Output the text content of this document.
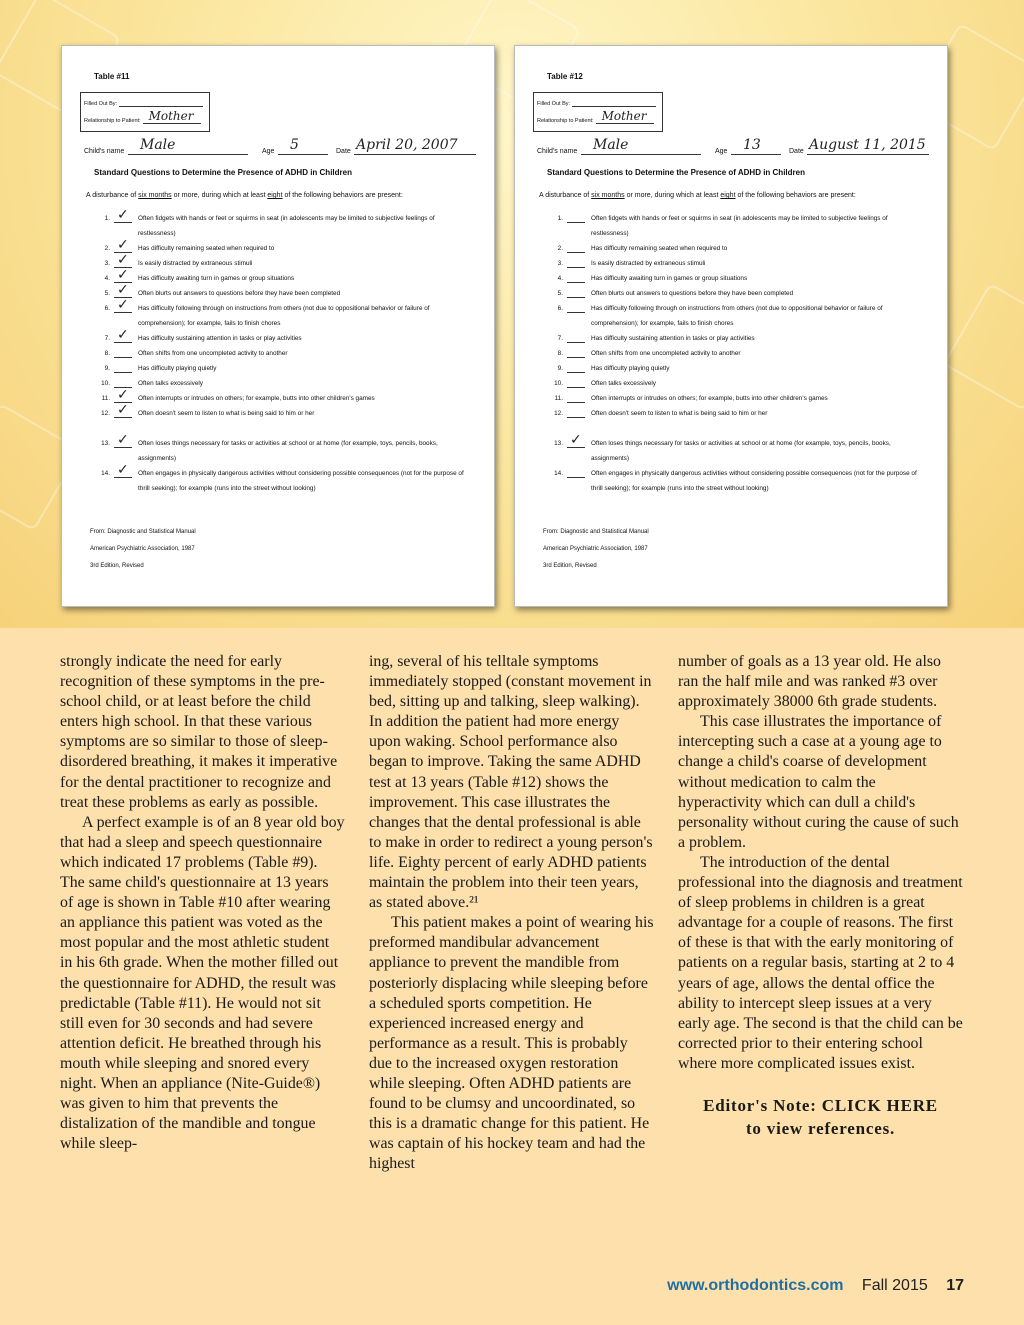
Table #11
Filled Out By:
Relationship to Patient: Mother
Child's name Male	Age 5	Date April 20, 2007
Standard Questions to Determine the Presence of ADHD in Children
A disturbance of six months or more, during which at least eight of the following behaviors are present:
1. ✓ Often fidgets with hands or feet or squirms in seat (in adolescents may be limited to subjective feelings of restlessness)
2. ✓ Has difficulty remaining seated when required to
3. ✓ Is easily distracted by extraneous stimuli
4. ✓ Has difficulty awaiting turn in games or group situations
5. ✓ Often blurts out answers to questions before they have been completed
6. ✓ Has difficulty following through on instructions from others (not due to oppositional behavior or failure of comprehension); for example, fails to finish chores
7. ✓ Has difficulty sustaining attention in tasks or play activities
8.	Often shifts from one uncompleted activity to another
9.	Has difficulty playing quietly
10.	Often talks excessively
11. ✓ Often interrupts or intrudes on others; for example, butts into other children's games
12. ✓ Often doesn't seem to listen to what is being said to him or her
13. ✓ Often loses things necessary for tasks or activities at school or at home (for example, toys, pencils, books, assignments)
14. ✓ Often engages in physically dangerous activities without considering possible consequences (not for the purpose of thrill seeking); for example (runs into the street without looking)
From: Diagnostic and Statistical Manual
American Psychiatric Association, 1987
3rd Edition, Revised
Table #12
Filled Out By:
Relationship to Patient: Mother
Child's name Male	Age 13	Date August 11, 2015
Standard Questions to Determine the Presence of ADHD in Children
A disturbance of six months or more, during which at least eight of the following behaviors are present:
1.	Often fidgets with hands or feet or squirms in seat (in adolescents may be limited to subjective feelings of restlessness)
2.	Has difficulty remaining seated when required to
3.	Is easily distracted by extraneous stimuli
4.	Has difficulty awaiting turn in games or group situations
5.	Often blurts out answers to questions before they have been completed
6.	Has difficulty following through on instructions from others (not due to oppositional behavior or failure of comprehension); for example, fails to finish chores
7.	Has difficulty sustaining attention in tasks or play activities
8.	Often shifts from one uncompleted activity to another
9.	Has difficulty playing quietly
10.	Often talks excessively
11.	Often interrupts or intrudes on others; for example, butts into other children's games
12.	Often doesn't seem to listen to what is being said to him or her
13. ✓ Often loses things necessary for tasks or activities at school or at home (for example, toys, pencils, books, assignments)
14.	Often engages in physically dangerous activities without considering possible consequences (not for the purpose of thrill seeking); for example (runs into the street without looking)
From: Diagnostic and Statistical Manual
American Psychiatric Association, 1987
3rd Edition, Revised

strongly indicate the need for early recognition of these symptoms in the pre-school child, or at least before the child enters high school. In that these various symptoms are so similar to those of sleep-disordered breathing, it makes it imperative for the dental practitioner to recognize and treat these problems as early as possible.

A perfect example is of an 8 year old boy that had a sleep and speech questionnaire which indicated 17 problems (Table #9). The same child's questionnaire at 13 years of age is shown in Table #10 after wearing an appliance this patient was voted as the most popular and the most athletic student in his 6th grade. When the mother filled out the questionnaire for ADHD, the result was predictable (Table #11). He would not sit still even for 30 seconds and had severe attention deficit. He breathed through his mouth while sleeping and snored every night. When an appliance (Nite-Guide®) was given to him that prevents the distalization of the mandible and tongue while sleep-

ing, several of his telltale symptoms immediately stopped (constant movement in bed, sitting up and talking, sleep walking). In addition the patient had more energy upon waking. School performance also began to improve. Taking the same ADHD test at 13 years (Table #12) shows the improvement. This case illustrates the changes that the dental professional is able to make in order to redirect a young person's life. Eighty percent of early ADHD patients maintain the problem into their teen years, as stated above.²¹

This patient makes a point of wearing his preformed mandibular advancement appliance to prevent the mandible from posteriorly displacing while sleeping before a scheduled sports competition. He experienced increased energy and performance as a result. This is probably due to the increased oxygen restoration while sleeping. Often ADHD patients are found to be clumsy and uncoordinated, so this is a dramatic change for this patient. He was captain of his hockey team and had the highest

number of goals as a 13 year old. He also ran the half mile and was ranked #3 over approximately 38000 6th grade students.

This case illustrates the importance of intercepting such a case at a young age to change a child's coarse of development without medication to calm the hyperactivity which can dull a child's personality without curing the cause of such a problem.

The introduction of the dental professional into the diagnosis and treatment of sleep problems in children is a great advantage for a couple of reasons. The first of these is that with the early monitoring of patients on a regular basis, starting at 2 to 4 years of age, allows the dental office the ability to intercept sleep issues at a very early age. The second is that the child can be corrected prior to their entering school where more complicated issues exist.

Editor's Note: CLICK HERE
to view references.
www.orthodontics.com Fall 2015 17
